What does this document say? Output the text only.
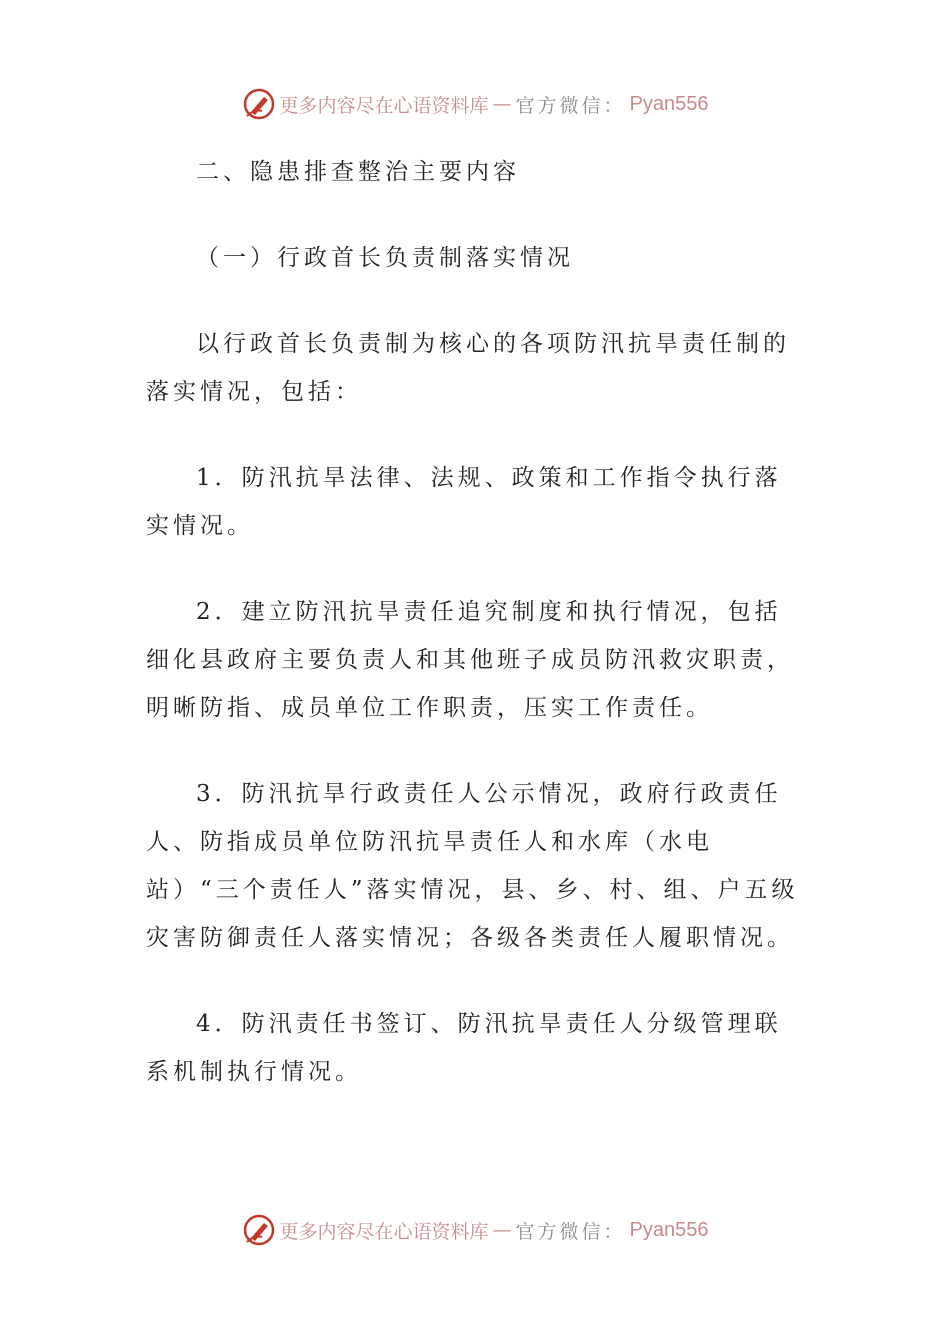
更多内容尽在心语资料库 — 官方微信： Pyan556

二、隐患排查整治主要内容

（一）行政首长负责制落实情况

以行政首长负责制为核心的各项防汛抗旱责任制的落实情况，包括：

1．防汛抗旱法律、法规、政策和工作指令执行落实情况。

2．建立防汛抗旱责任追究制度和执行情况，包括细化县政府主要负责人和其他班子成员防汛救灾职责，明晰防指、成员单位工作职责，压实工作责任。

3．防汛抗旱行政责任人公示情况，政府行政责任人、防指成员单位防汛抗旱责任人和水库（水电站）“三个责任人”落实情况，县、乡、村、组、户五级灾害防御责任人落实情况；各级各类责任人履职情况。

4．防汛责任书签订、防汛抗旱责任人分级管理联系机制执行情况。

更多内容尽在心语资料库 — 官方微信： Pyan556
